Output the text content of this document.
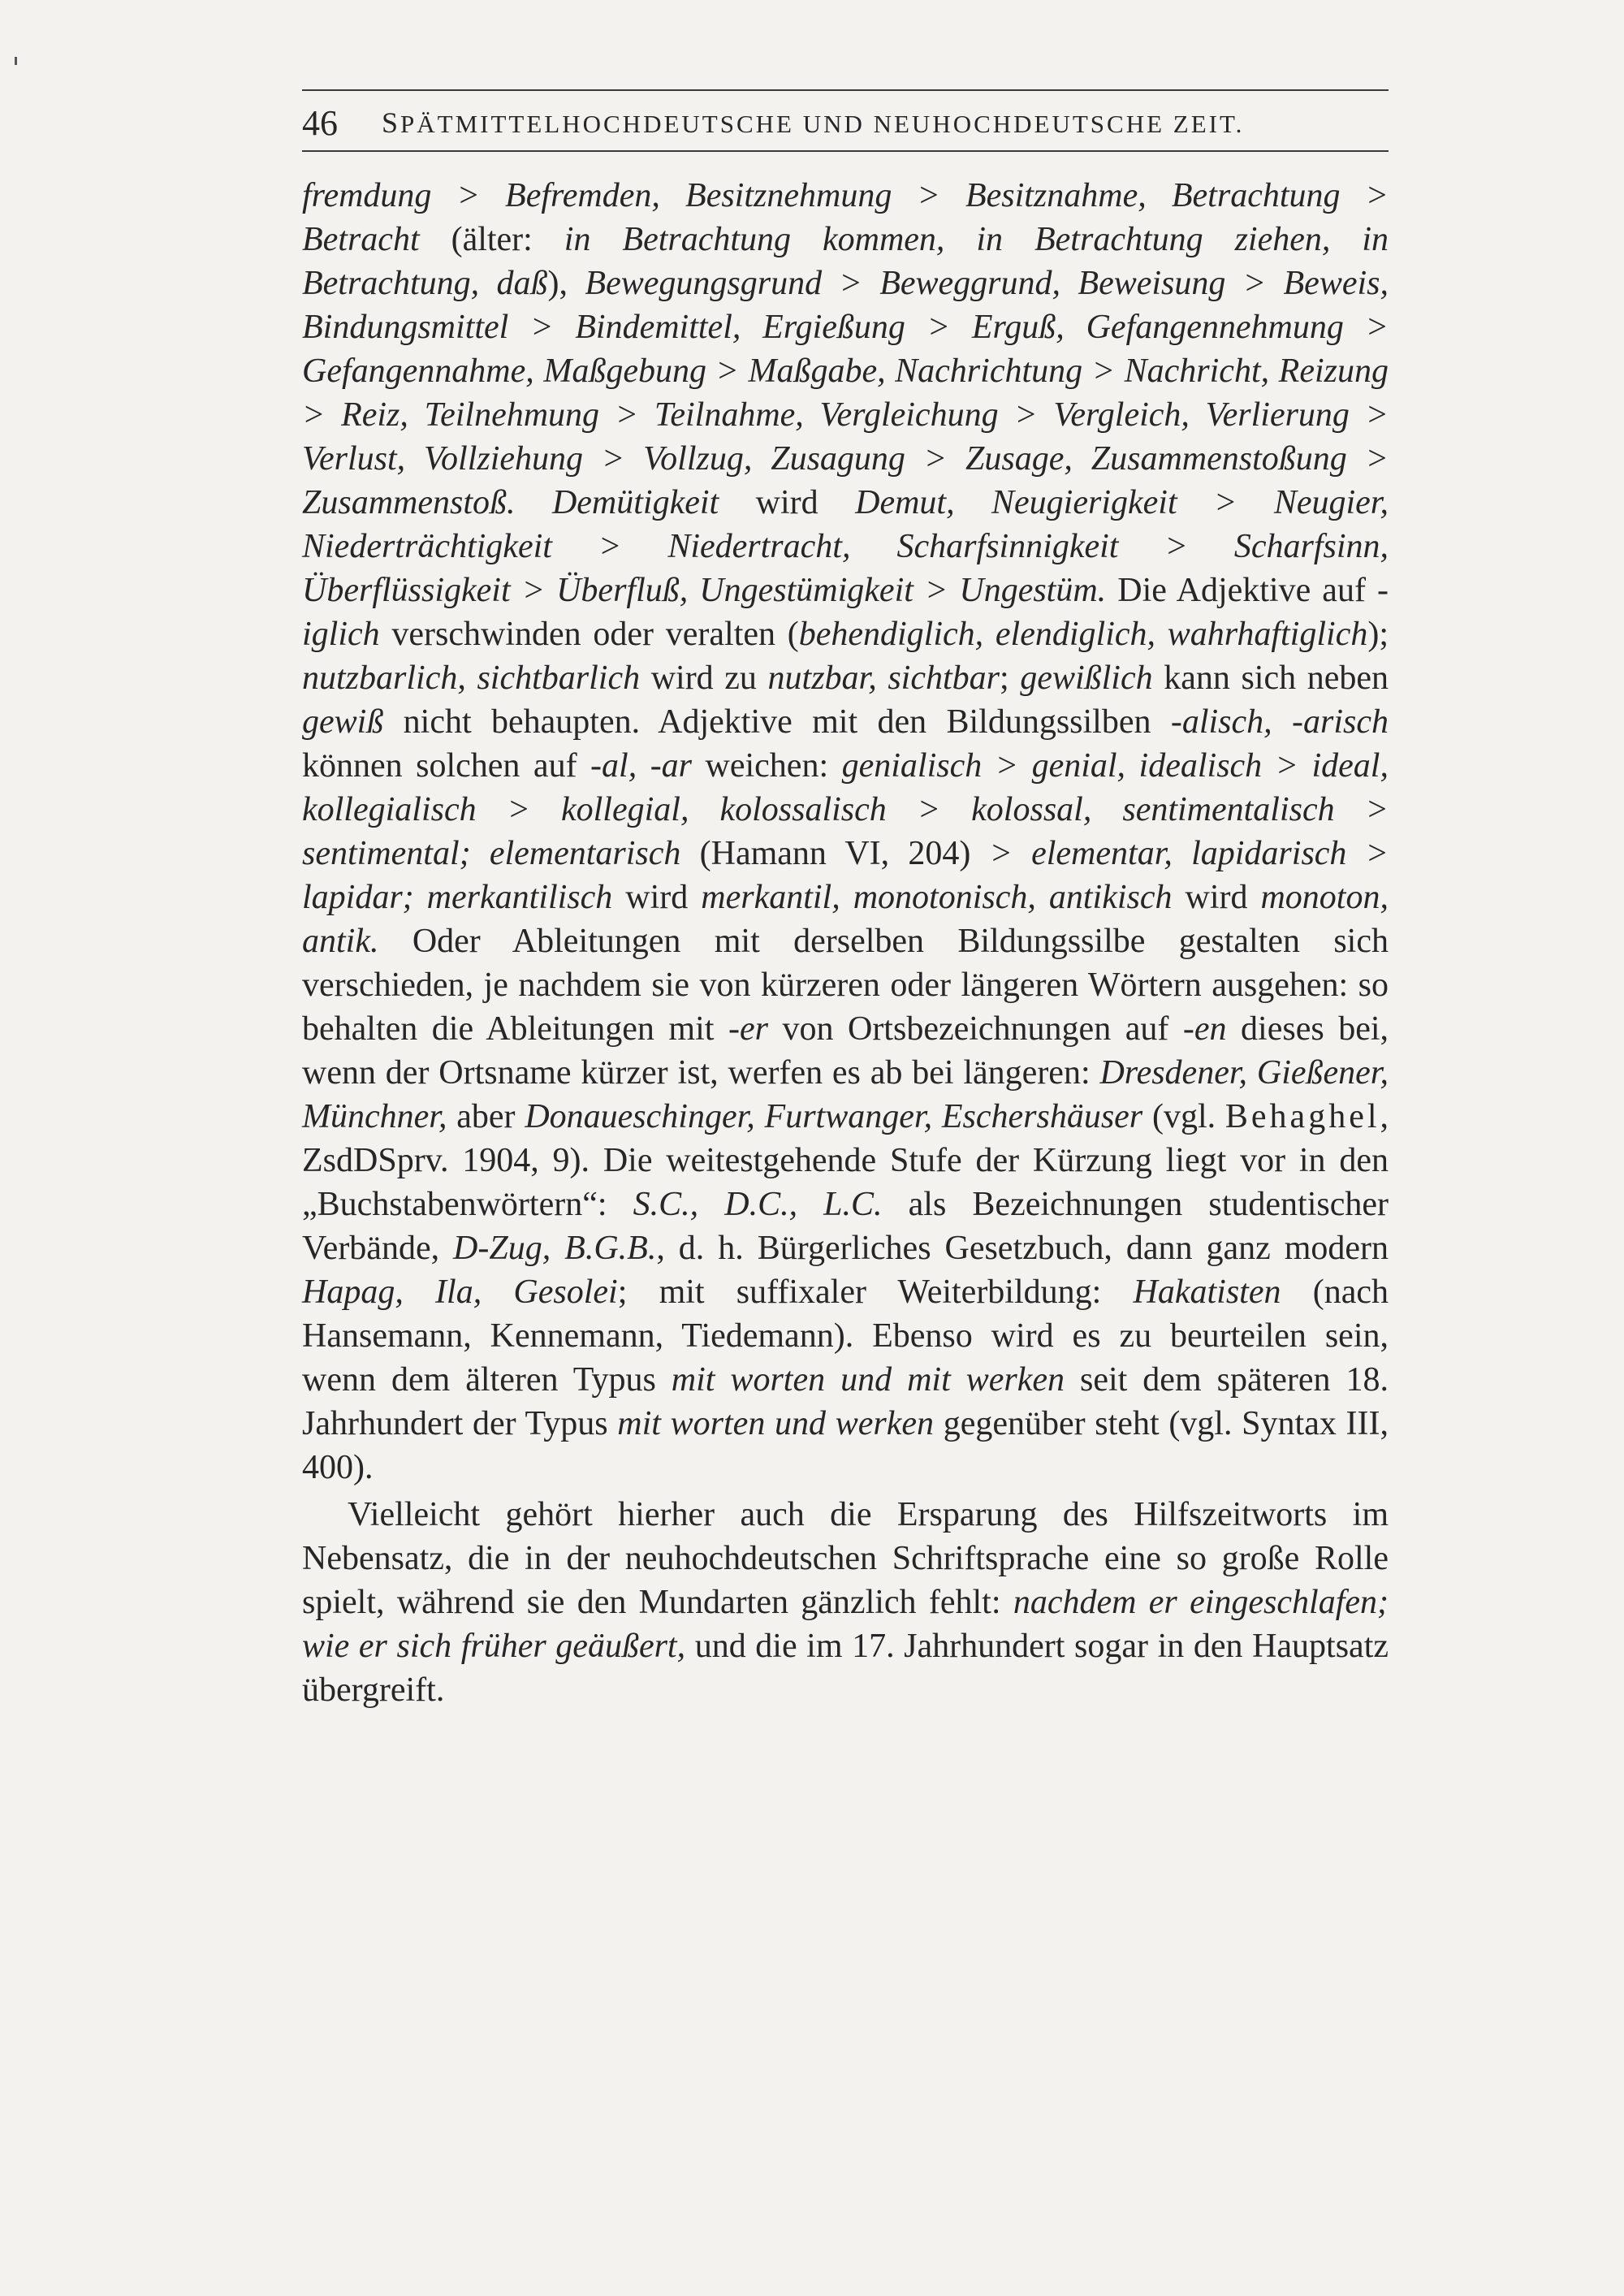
46 SPÄTMITTELHOCHDEUTSCHE UND NEUHOCHDEUTSCHE ZEIT.

fremdung > Befremden, Besitznehmung > Besitznahme, Betrachtung > Betracht (älter: in Betrachtung kommen, in Betrachtung ziehen, in Betrachtung, daß), Bewegungsgrund > Beweggrund, Beweisung > Beweis, Bindungsmittel > Bindemittel, Ergießung > Erguß, Gefangennehmung > Gefangennahme, Maßgebung > Maßgabe, Nachrichtung > Nachricht, Reizung > Reiz, Teilnehmung > Teilnahme, Vergleichung > Vergleich, Verlierung > Verlust, Vollziehung > Vollzug, Zusagung > Zusage, Zusammenstoßung > Zusammenstoß. Demütigkeit wird Demut, Neugierigkeit > Neugier, Niederträchtigkeit > Niedertracht, Scharfsinnigkeit > Scharfsinn, Überflüssigkeit > Überfluß, Ungestümigkeit > Ungestüm. Die Adjektive auf -iglich verschwinden oder veralten (behendiglich, elendiglich, wahrhaftiglich); nutzbarlich, sichtbarlich wird zu nutzbar, sichtbar; gewißlich kann sich neben gewiß nicht behaupten. Adjektive mit den Bildungssilben -alisch, -arisch können solchen auf -al, -ar weichen: genialisch > genial, idealisch > ideal, kollegialisch > kollegial, kolossalisch > kolossal, sentimentalisch > sentimental; elementarisch (Hamann VI, 204) > elementar, lapidarisch > lapidar; merkantilisch wird merkantil, monotonisch, antikisch wird monoton, antik. Oder Ableitungen mit derselben Bildungssilbe gestalten sich verschieden, je nachdem sie von kürzeren oder längeren Wörtern ausgehen: so behalten die Ableitungen mit -er von Ortsbezeichnungen auf -en dieses bei, wenn der Ortsname kürzer ist, werfen es ab bei längeren: Dresdener, Gießener, Münchner, aber Donaueschinger, Furtwanger, Eschershäuser (vgl. Behaghel, ZsdDSprv. 1904, 9). Die weitestgehende Stufe der Kürzung liegt vor in den „Buchstabenwörtern“: S.C., D.C., L.C. als Bezeichnungen studentischer Verbände, D-Zug, B.G.B., d. h. Bürgerliches Gesetzbuch, dann ganz modern Hapag, Ila, Gesolei; mit suffixaler Weiterbildung: Hakatisten (nach Hansemann, Kennemann, Tiedemann). Ebenso wird es zu beurteilen sein, wenn dem älteren Typus mit worten und mit werken seit dem späteren 18. Jahrhundert der Typus mit worten und werken gegenüber steht (vgl. Syntax III, 400).

Vielleicht gehört hierher auch die Ersparung des Hilfszeitworts im Nebensatz, die in der neuhochdeutschen Schriftsprache eine so große Rolle spielt, während sie den Mundarten gänzlich fehlt: nachdem er eingeschlafen; wie er sich früher geäußert, und die im 17. Jahrhundert sogar in den Hauptsatz übergreift.
